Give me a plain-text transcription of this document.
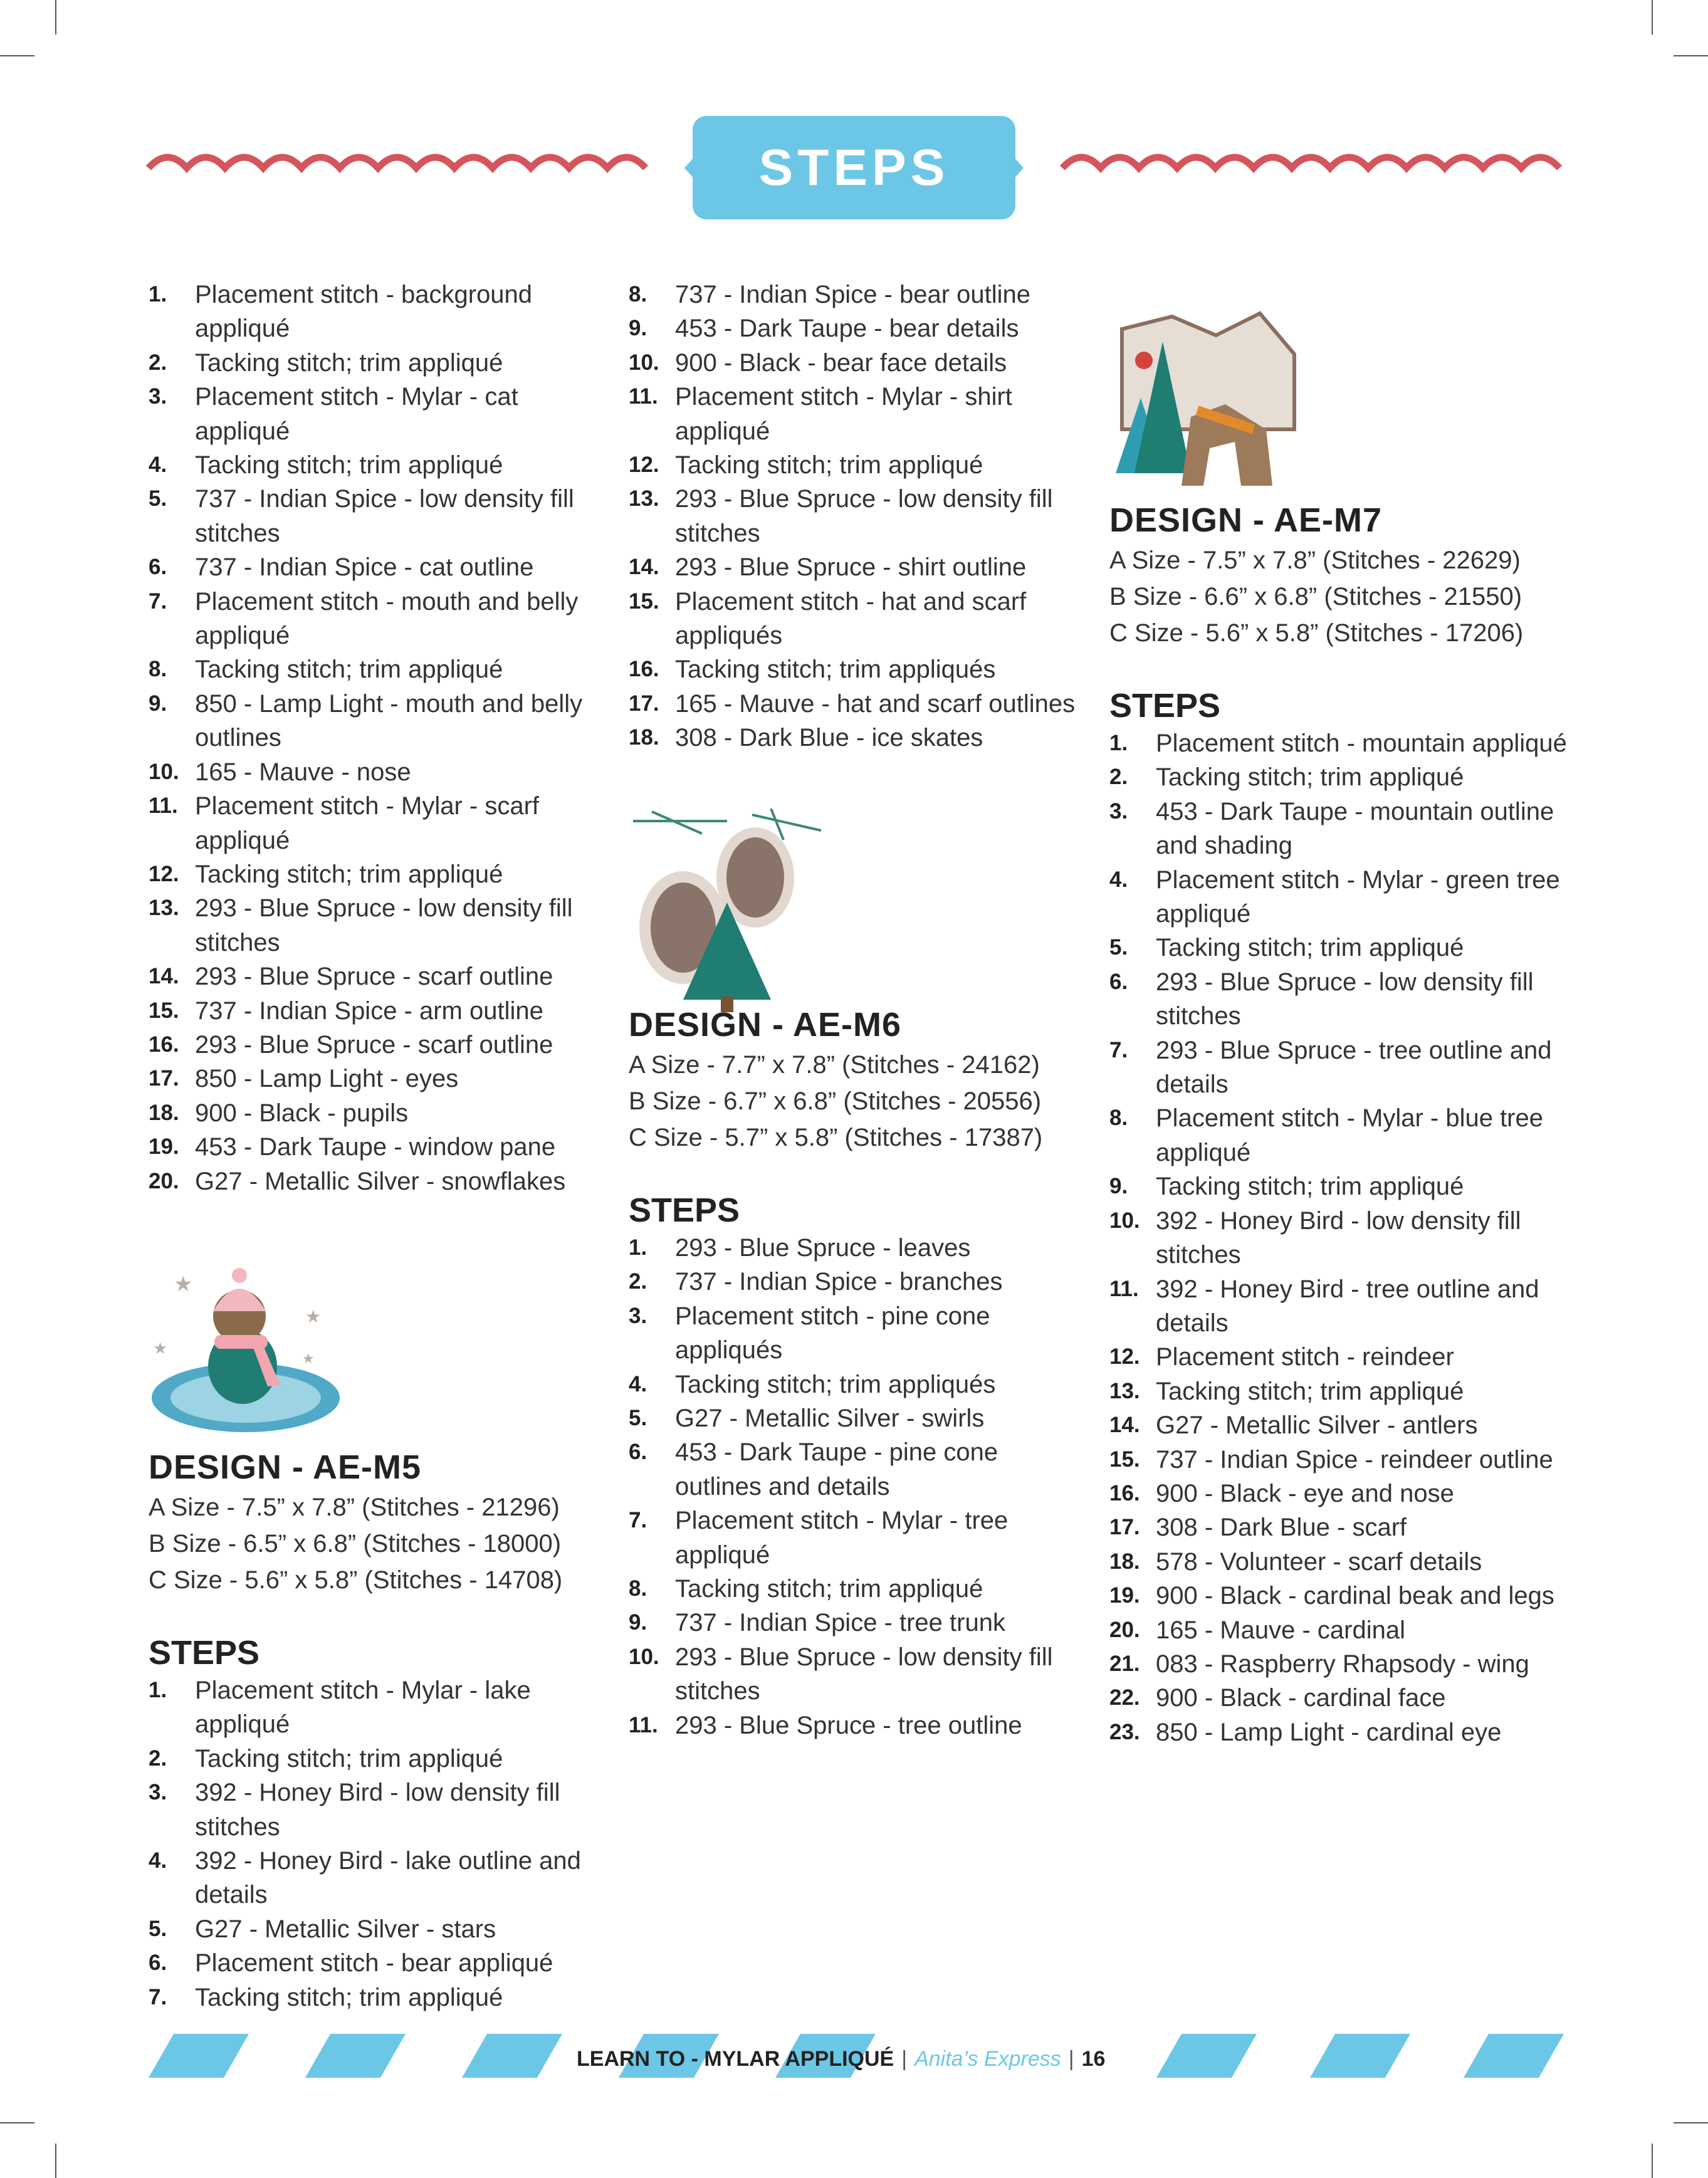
STEPS
1.	Placement stitch - background appliqué
2.	Tacking stitch; trim appliqué
3.	Placement stitch - Mylar - cat appliqué
4.	Tacking stitch; trim appliqué
5.	737 - Indian Spice - low density fill stitches
6.	737 - Indian Spice - cat outline
7.	Placement stitch - mouth and belly appliqué
8.	Tacking stitch; trim appliqué
9.	850 - Lamp Light - mouth and belly outlines
10. 165 - Mauve - nose
11. Placement stitch - Mylar - scarf appliqué
12. Tacking stitch; trim appliqué
13. 293 - Blue Spruce - low density fill stitches
14. 293 - Blue Spruce - scarf outline
15. 737 - Indian Spice - arm outline
16. 293 - Blue Spruce - scarf outline
17. 850 - Lamp Light - eyes
18. 900 - Black - pupils
19. 453 - Dark Taupe - window pane
20. G27 - Metallic Silver - snowflakes
★
★
★
★
DESIGN - AE-M5
A Size - 7.5” x 7.8” (Stitches - 21296)
B Size - 6.5” x 6.8” (Stitches - 18000)
C Size - 5.6” x 5.8” (Stitches - 14708)
STEPS
1.	Placement stitch - Mylar - lake appliqué
2.	Tacking stitch; trim appliqué
3.	392 - Honey Bird - low density fill stitches
4.	392 - Honey Bird - lake outline and details
5.	G27 - Metallic Silver - stars
6.	Placement stitch - bear appliqué
7.	Tacking stitch; trim appliqué
8.	737 - Indian Spice - bear outline
9.	453 - Dark Taupe - bear details
10. 900 - Black - bear face details
11. Placement stitch - Mylar - shirt appliqué
12. Tacking stitch; trim appliqué
13. 293 - Blue Spruce - low density fill stitches
14. 293 - Blue Spruce - shirt outline
15. Placement stitch - hat and scarf appliqués
16. Tacking stitch; trim appliqués
17. 165 - Mauve - hat and scarf outlines
18. 308 - Dark Blue - ice skates
DESIGN - AE-M6
A Size - 7.7” x 7.8” (Stitches - 24162)
B Size - 6.7” x 6.8” (Stitches - 20556)
C Size - 5.7” x 5.8” (Stitches - 17387)
STEPS
1.	293 - Blue Spruce - leaves
2.	737 - Indian Spice - branches
3.	Placement stitch - pine cone appliqués
4.	Tacking stitch; trim appliqués
5.	G27 - Metallic Silver - swirls
6.	453 - Dark Taupe - pine cone outlines and details
7.	Placement stitch - Mylar - tree appliqué
8.	Tacking stitch; trim appliqué
9.	737 - Indian Spice - tree trunk
10. 293 - Blue Spruce - low density fill stitches
11. 293 - Blue Spruce - tree outline
DESIGN - AE-M7
A Size - 7.5” x 7.8” (Stitches - 22629)
B Size - 6.6” x 6.8” (Stitches - 21550)
C Size - 5.6” x 5.8” (Stitches - 17206)
STEPS
1.	Placement stitch - mountain appliqué
2.	Tacking stitch; trim appliqué
3.	453 - Dark Taupe - mountain outline and shading
4.	Placement stitch - Mylar - green tree appliqué
5.	Tacking stitch; trim appliqué
6.	293 - Blue Spruce - low density fill stitches
7.	293 - Blue Spruce - tree outline and details
8.	Placement stitch - Mylar - blue tree appliqué
9.	Tacking stitch; trim appliqué
10. 392 - Honey Bird - low density fill stitches
11. 392 - Honey Bird - tree outline and details
12. Placement stitch - reindeer
13. Tacking stitch; trim appliqué
14. G27 - Metallic Silver - antlers
15. 737 - Indian Spice - reindeer outline
16. 900 - Black - eye and nose
17. 308 - Dark Blue - scarf
18. 578 - Volunteer - scarf details
19. 900 - Black - cardinal beak and legs
20. 165 - Mauve - cardinal
21. 083 - Raspberry Rhapsody - wing
22. 900 - Black - cardinal face
23. 850 - Lamp Light - cardinal eye
LEARN TO - MYLAR APPLIQUÉ | Anita’s Express | 16
